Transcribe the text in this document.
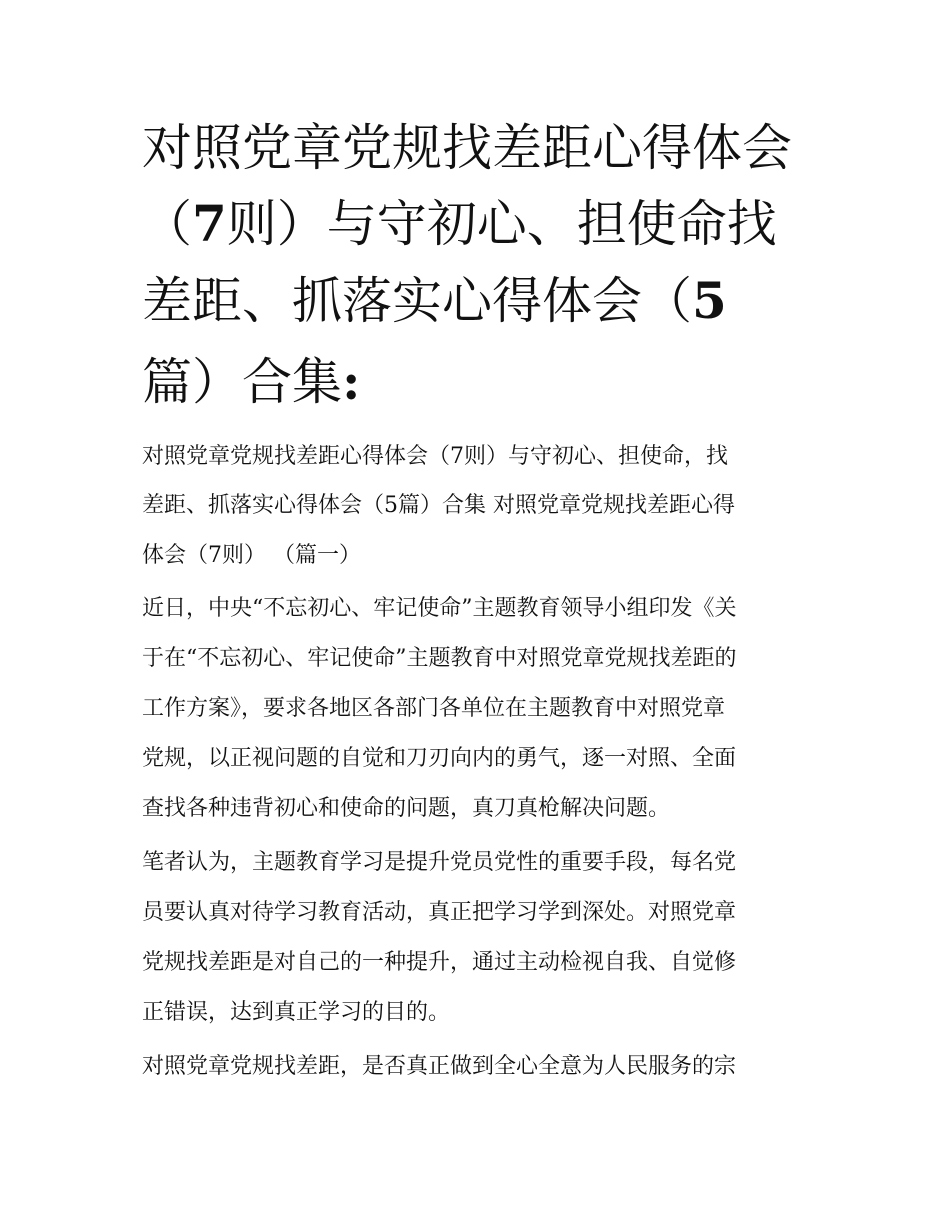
对照党章党规找差距心得体会
（7则）与守初心、担使命找
差距、抓落实心得体会（5
篇）合集:
对照党章党规找差距心得体会（7则）与守初心、担使命，找
差距、抓落实心得体会（5篇）合集 对照党章党规找差距心得
体会（7则） （篇一）
近日，中央“不忘初心、牢记使命”主题教育领导小组印发《关
于在“不忘初心、牢记使命”主题教育中对照党章党规找差距的
工作方案》，要求各地区各部门各单位在主题教育中对照党章
党规，以正视问题的自觉和刀刃向内的勇气，逐一对照、全面
查找各种违背初心和使命的问题，真刀真枪解决问题。
笔者认为，主题教育学习是提升党员党性的重要手段，每名党
员要认真对待学习教育活动，真正把学习学到深处。对照党章
党规找差距是对自己的一种提升，通过主动检视自我、自觉修
正错误，达到真正学习的目的。
对照党章党规找差距，是否真正做到全心全意为人民服务的宗
